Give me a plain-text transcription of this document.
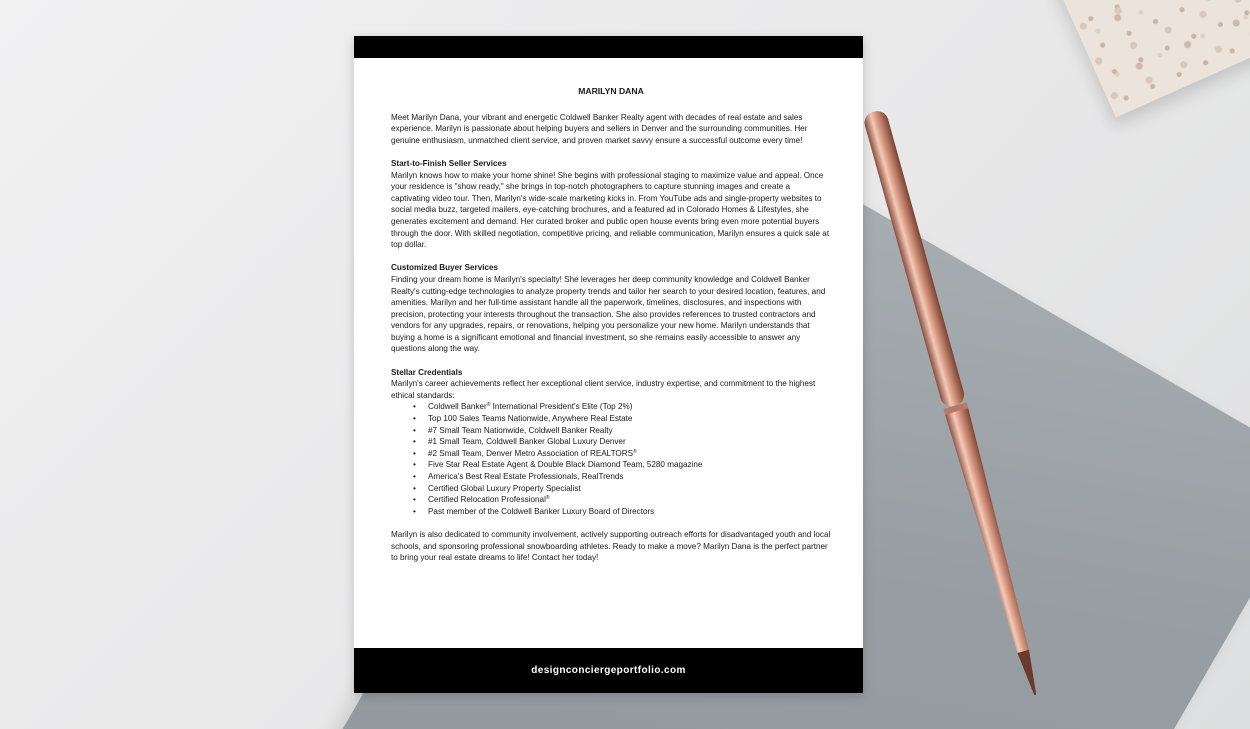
MARILYN DANA

Meet Marilyn Dana, your vibrant and energetic Coldwell Banker Realty agent with decades of real estate and sales experience. Marilyn is passionate about helping buyers and sellers in Denver and the surrounding communities. Her genuine enthusiasm, unmatched client service, and proven market savvy ensure a successful outcome every time!

Start-to-Finish Seller Services

Marilyn knows how to make your home shine! She begins with professional staging to maximize value and appeal. Once your residence is "show ready," she brings in top-notch photographers to capture stunning images and create a captivating video tour. Then, Marilyn's wide-scale marketing kicks in. From YouTube ads and single-property websites to social media buzz, targeted mailers, eye-catching brochures, and a featured ad in Colorado Homes & Lifestyles, she generates excitement and demand. Her curated broker and public open house events bring even more potential buyers through the door. With skilled negotiation, competitive pricing, and reliable communication, Marilyn ensures a quick sale at top dollar.

Customized Buyer Services

Finding your dream home is Marilyn's specialty! She leverages her deep community knowledge and Coldwell Banker Realty's cutting-edge technologies to analyze property trends and tailor her search to your desired location, features, and amenities. Marilyn and her full-time assistant handle all the paperwork, timelines, disclosures, and inspections with precision, protecting your interests throughout the transaction. She also provides references to trusted contractors and vendors for any upgrades, repairs, or renovations, helping you personalize your new home. Marilyn understands that buying a home is a significant emotional and financial investment, so she remains easily accessible to answer any questions along the way.

Stellar Credentials

Marilyn's career achievements reflect her exceptional client service, industry expertise, and commitment to the highest ethical standards:

• Coldwell Banker® International President's Elite (Top 2%)
• Top 100 Sales Teams Nationwide, Anywhere Real Estate
• #7 Small Team Nationwide, Coldwell Banker Realty
• #1 Small Team, Coldwell Banker Global Luxury Denver
• #2 Small Team, Denver Metro Association of REALTORS®
• Five Star Real Estate Agent & Double Black Diamond Team, 5280 magazine
• America's Best Real Estate Professionals, RealTrends
• Certified Global Luxury Property Specialist
• Certified Relocation Professional®
• Past member of the Coldwell Banker Luxury Board of Directors

Marilyn is also dedicated to community involvement, actively supporting outreach efforts for disadvantaged youth and local schools, and sponsoring professional snowboarding athletes. Ready to make a move? Marilyn Dana is the perfect partner to bring your real estate dreams to life! Contact her today!

designconciergeportfolio.com
